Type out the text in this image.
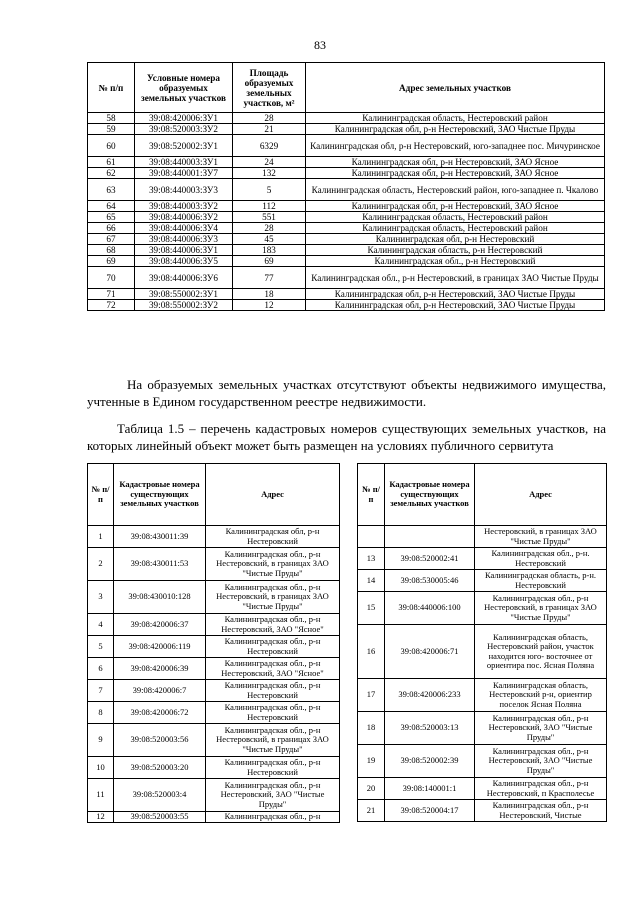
83
№ п/п	Условные номера образуемых земельных участков	Площадь образуемых земельных участков, м²	Адрес земельных участков
58	39:08:420006:ЗУ1	28	Калининградская область, Нестеровский район
59	39:08:520003:ЗУ2	21	Калининградская обл, р-н Нестеровский, ЗАО Чистые Пруды
60	39:08:520002:ЗУ1	6329	Калининградская обл, р-н Нестеровский, юго-западнее пос. Мичуринское
61	39:08:440003:ЗУ1	24	Калининградская обл, р-н Нестеровский, ЗАО Ясное
62	39:08:440001:ЗУ7	132	Калининградская обл, р-н Нестеровский, ЗАО Ясное
63	39:08:440003:ЗУ3	5	Калининградская область, Нестеровский район, юго-западнее п. Чкалово
64	39:08:440003:ЗУ2	112	Калининградская обл, р-н Нестеровский, ЗАО Ясное
65	39:08:440006:ЗУ2	551	Калининградская область, Нестеровский район
66	39:08:440006:ЗУ4	28	Калининградская область, Нестеровский район
67	39:08:440006:ЗУ3	45	Калининградская обл, р-н Нестеровский
68	39:08:440006:ЗУ1	183	Калининградская область, р-н Нестеровский
69	39:08:440006:ЗУ5	69	Калининградская обл., р-н Нестеровский
70	39:08:440006:ЗУ6	77	Калининградская обл., р-н Нестеровский, в границах ЗАО Чистые Пруды
71	39:08:550002:ЗУ1	18	Калининградская обл, р-н Нестеровский, ЗАО Чистые Пруды
72	39:08:550002:ЗУ2	12	Калининградская обл, р-н Нестеровский, ЗАО Чистые Пруды
На образуемых земельных участках отсутствуют объекты недвижимого имущества, учтенные в Едином государственном реестре недвижимости.
Таблица 1.5 – перечень кадастровых номеров существующих земельных участков, на которых линейный объект может быть размещен на условиях публичного сервитута
№ п/п	Кадастровые номера существующих земельных участков	Адрес
1	39:08:430011:39	Калининградская обл, р-н Нестеровский
2	39:08:430011:53	Калининградская обл., р-н Нестеровский, в границах ЗАО "Чистые Пруды"
3	39:08:430010:128	Калининградская обл., р-н Нестеровский, в границах ЗАО "Чистые Пруды"
4	39:08:420006:37	Калининградская обл., р-н Нестеровский, ЗАО "Ясное"
5	39:08:420006:119	Калининградская обл., р-н Нестеровский
6	39:08:420006:39	Калининградская обл., р-н Нестеровский, ЗАО "Ясное"
7	39:08:420006:7	Калининградская обл., р-н Нестеровский
8	39:08:420006:72	Калининградская обл., р-н Нестеровский
9	39:08:520003:56	Калининградская обл., р-н Нестеровский, в границах ЗАО "Чистые Пруды"
10	39:08:520003:20	Калининградская обл., р-н Нестеровский
11	39:08:520003:4	Калининградская обл., р-н Нестеровский, ЗАО "Чистые Пруды"
12	39:08:520003:55	Калининградская обл., р-н
№ п/п	Кадастровые номера существующих земельных участков	Адрес
		Нестеровский, в границах ЗАО "Чистые Пруды"
13	39:08:520002:41	Калининградская обл., р-н. Нестеровский
14	39:08:530005:46	Калининградская область, р-н. Нестеровский
15	39:08:440006:100	Калининградская обл., р-н Нестеровский, в границах ЗАО "Чистые Пруды"
16	39:08:420006:71	Калининградская область, Нестеровский район, участок находится юго- восточнее от ориентира пос. Ясная Поляна
17	39:08:420006:233	Калининградская область, Нестеровский р-н, ориентир поселок Ясная Поляна
18	39:08:520003:13	Калининградская обл., р-н Нестеровский, ЗАО "Чистые Пруды"
19	39:08:520002:39	Калининградская обл., р-н Нестеровский, ЗАО "Чистые Пруды"
20	39:08:140001:1	Калининградская обл., р-н Нестеровский, п Красполесье
21	39:08:520004:17	Калининградская обл., р-н Нестеровский, Чистые
